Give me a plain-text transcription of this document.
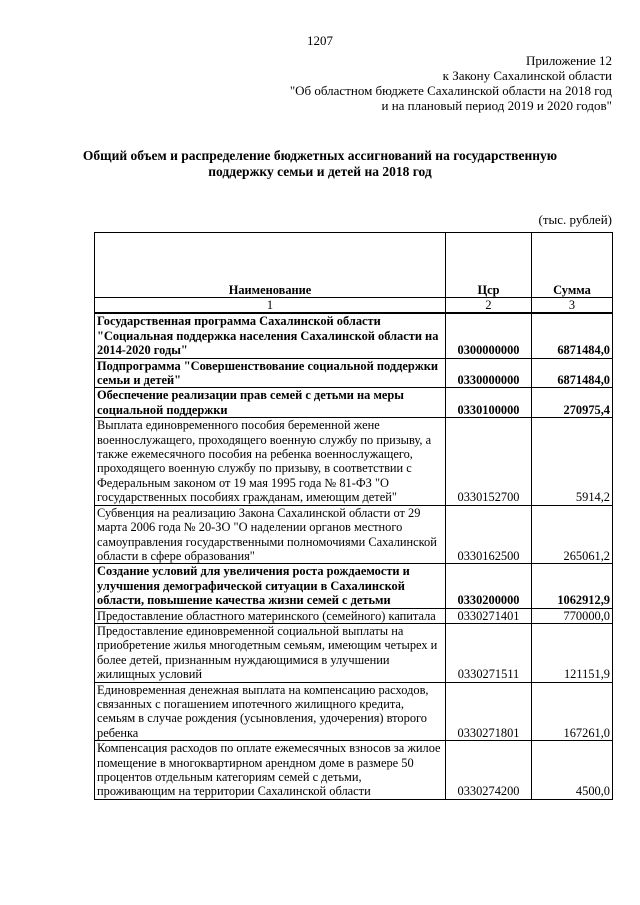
1207
Приложение 12
к Закону Сахалинской области
"Об областном бюджете Сахалинской области на 2018 год
и на плановый период 2019 и 2020 годов"
Общий объем и распределение бюджетных ассигнований на государственную
поддержку семьи и детей на 2018 год
(тыс. рублей)
Наименование	Цср	Сумма
1	2	3
Государственная программа Сахалинской области "Социальная поддержка населения Сахалинской области на 2014-2020 годы"	0300000000	6871484,0
Подпрограмма "Совершенствование социальной поддержки семьи и детей"	0330000000	6871484,0
Обеспечение реализации прав семей с детьми на меры социальной поддержки	0330100000	270975,4
Выплата единовременного пособия беременной жене военнослужащего, проходящего военную службу по призыву, а также ежемесячного пособия на ребенка военнослужащего, проходящего военную службу по призыву, в соответствии с Федеральным законом от 19 мая 1995 года № 81-ФЗ "О государственных пособиях гражданам, имеющим детей"	0330152700	5914,2
Субвенция на реализацию Закона Сахалинской области от 29 марта 2006 года № 20-ЗО "О наделении органов местного самоуправления государственными полномочиями Сахалинской области в сфере образования"	0330162500	265061,2
Создание условий для увеличения роста рождаемости и улучшения демографической ситуации в Сахалинской области, повышение качества жизни семей с детьми	0330200000	1062912,9
Предоставление областного материнского (семейного) капитала	0330271401	770000,0
Предоставление единовременной социальной выплаты на приобретение жилья многодетным семьям, имеющим четырех и более детей, признанным нуждающимися в улучшении жилищных условий	0330271511	121151,9
Единовременная денежная выплата на компенсацию расходов, связанных с погашением ипотечного жилищного кредита, семьям в случае рождения (усыновления, удочерения) второго ребенка	0330271801	167261,0
Компенсация расходов по оплате ежемесячных взносов за жилое помещение в многоквартирном арендном доме в размере 50 процентов отдельным категориям семей с детьми, проживающим на территории Сахалинской области	0330274200	4500,0
